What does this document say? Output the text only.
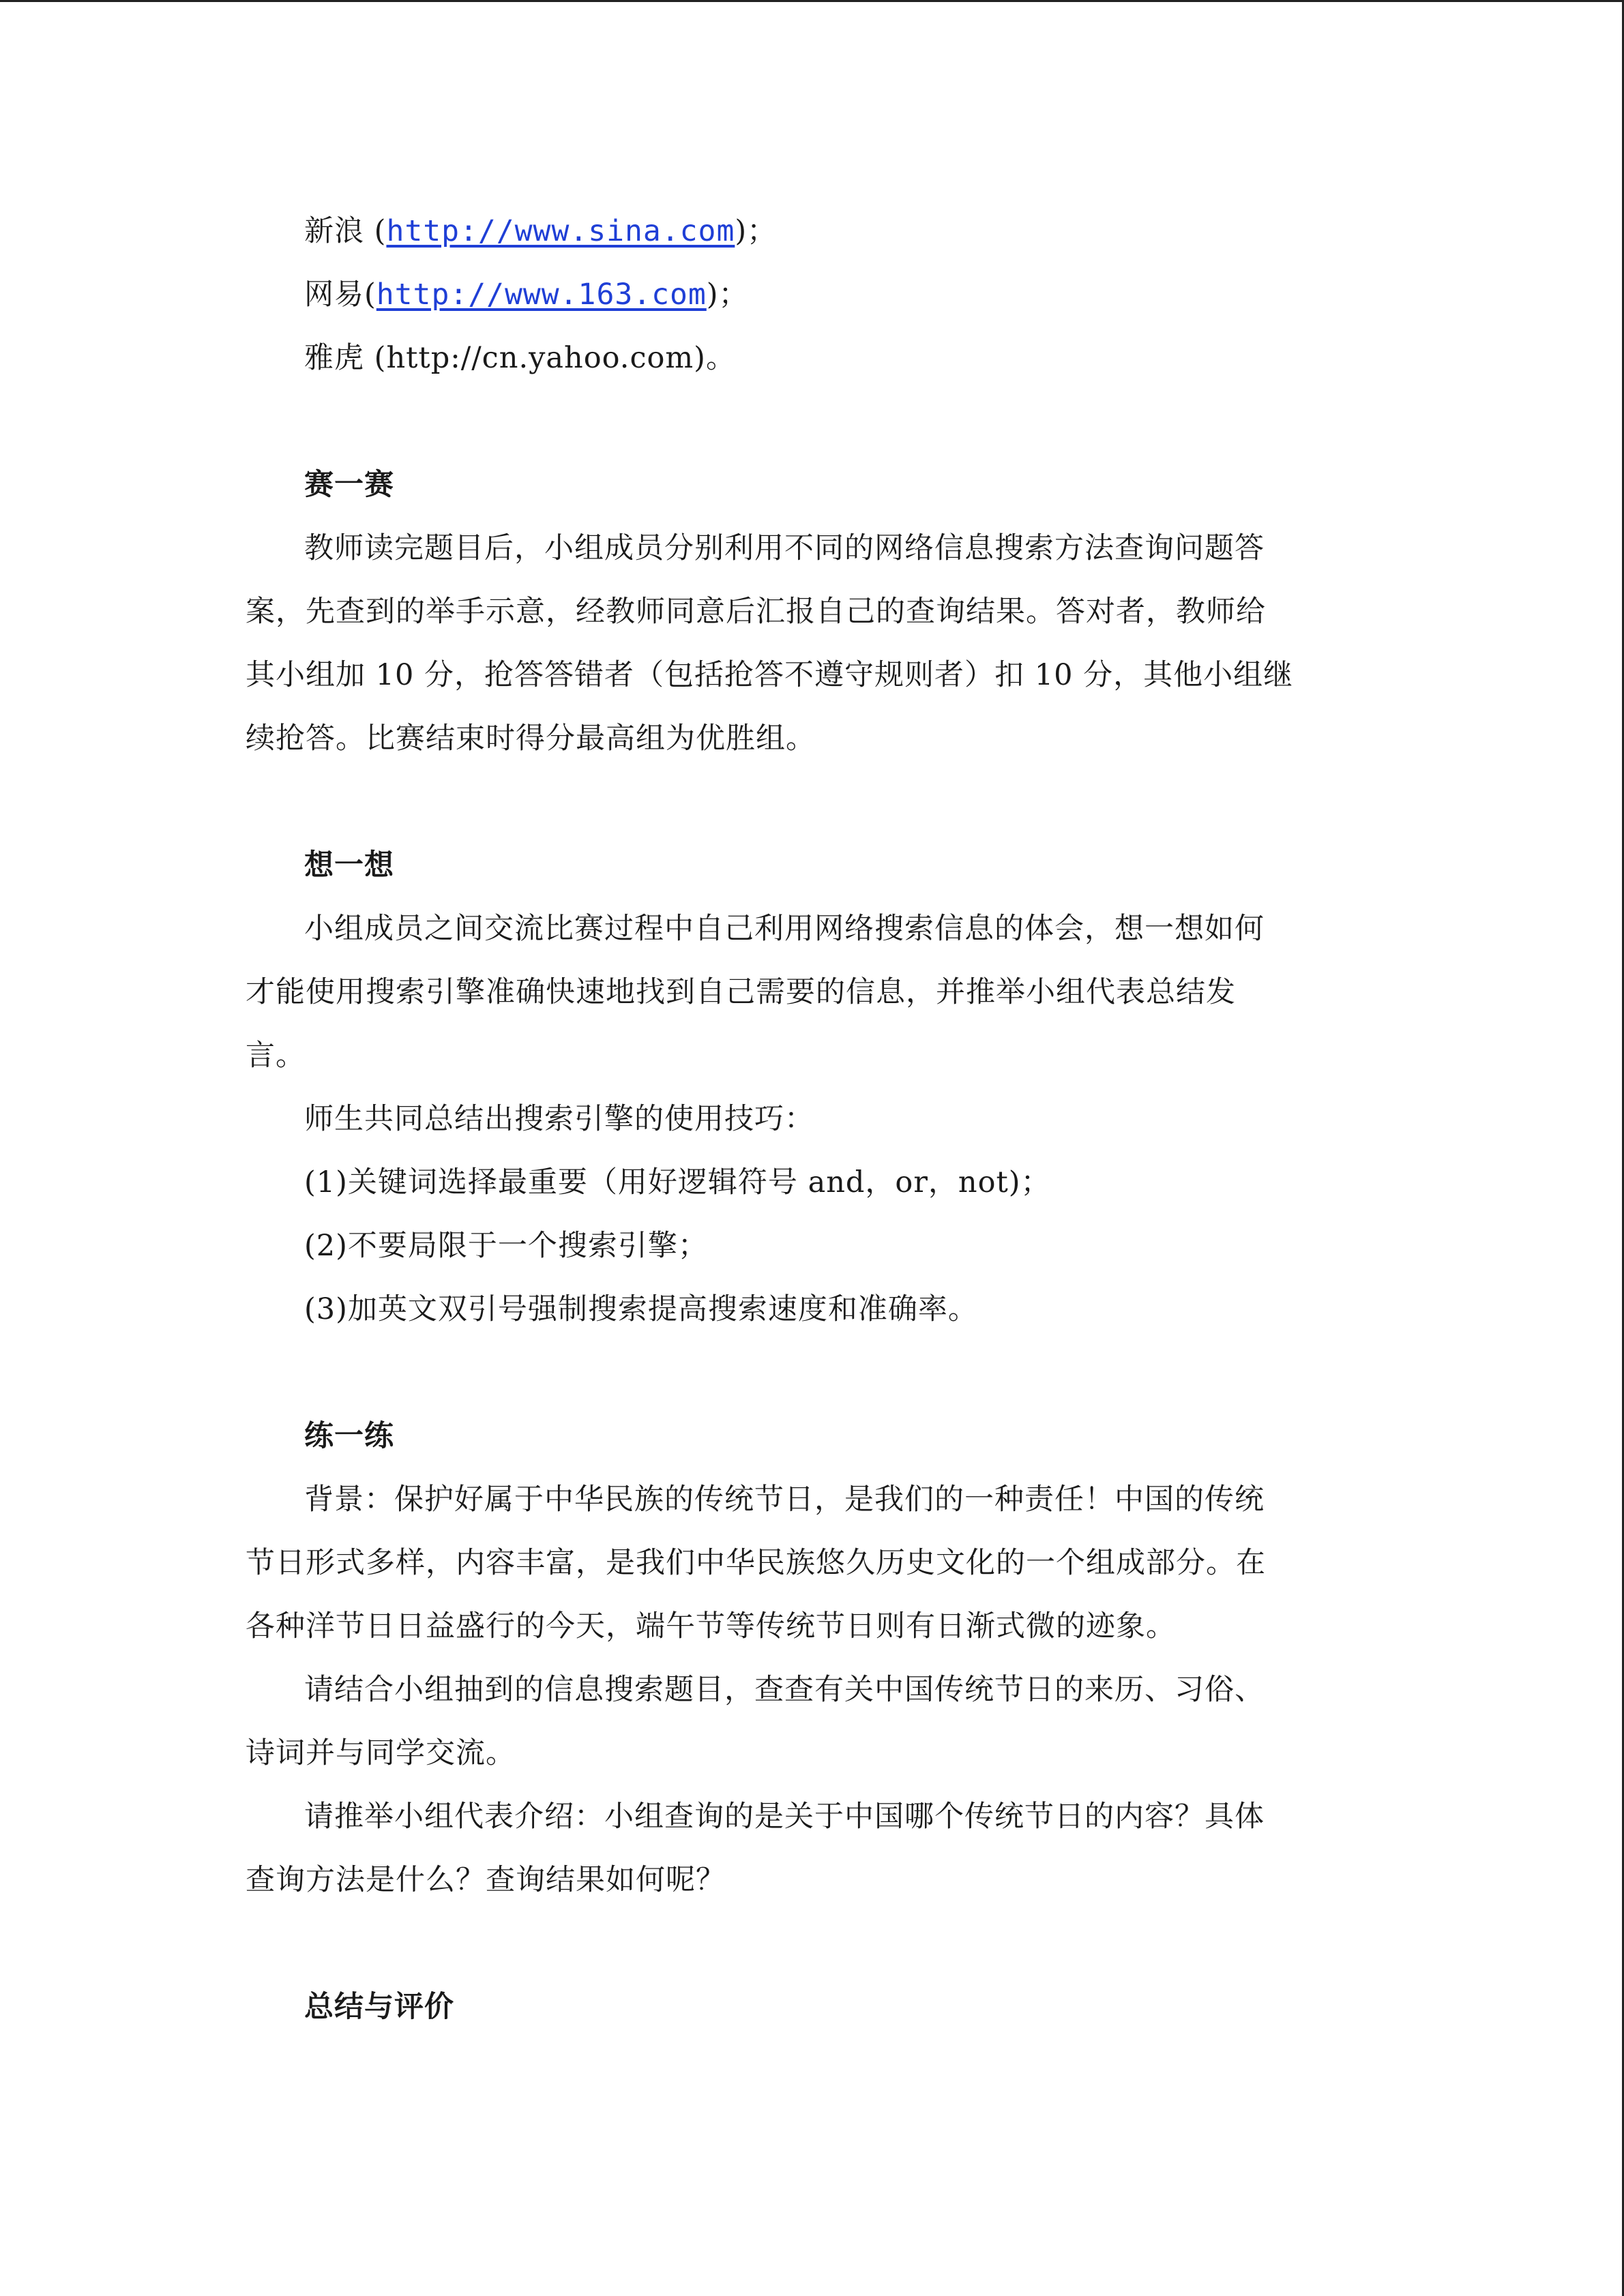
新浪 (http://www.sina.com)；

网易(http://www.163.com)；

雅虎 (http://cn.yahoo.com)。

赛一赛

教师读完题目后，小组成员分别利用不同的网络信息搜索方法查询问题答

案，先查到的举手示意，经教师同意后汇报自己的查询结果。答对者，教师给

其小组加 10 分，抢答答错者（包括抢答不遵守规则者）扣 10 分，其他小组继

续抢答。比赛结束时得分最高组为优胜组。

想一想

小组成员之间交流比赛过程中自己利用网络搜索信息的体会，想一想如何

才能使用搜索引擎准确快速地找到自己需要的信息，并推举小组代表总结发

言。

师生共同总结出搜索引擎的使用技巧：

(1)关键词选择最重要（用好逻辑符号 and，or，not)；

(2)不要局限于一个搜索引擎；

(3)加英文双引号强制搜索提高搜索速度和准确率。

练一练

背景：保护好属于中华民族的传统节日，是我们的一种责任！中国的传统

节日形式多样，内容丰富，是我们中华民族悠久历史文化的一个组成部分。在

各种洋节日日益盛行的今天，端午节等传统节日则有日渐式微的迹象。

请结合小组抽到的信息搜索题目，查查有关中国传统节日的来历、习俗、

诗词并与同学交流。

请推举小组代表介绍：小组查询的是关于中国哪个传统节日的内容？具体

查询方法是什么？查询结果如何呢？

总结与评价
